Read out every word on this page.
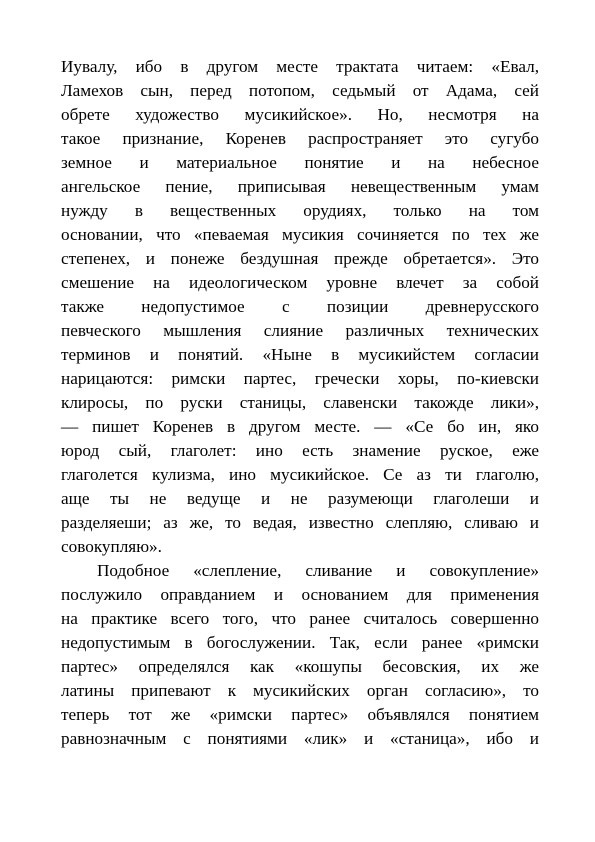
Иувалу, ибо в другом месте трактата читаем: «Евал,
Ламехов сын, перед потопом, седьмый от Адама, сей
обрете художество мусикийское». Но, несмотря на
такое признание, Коренев распространяет это сугубо
земное и материальное понятие и на небесное
ангельское пение, приписывая невещественным умам
нужду в вещественных орудиях, только на том
основании, что «певаемая мусикия сочиняется по тех же
степенех, и понеже бездушная прежде обретается». Это
смешение на идеологическом уровне влечет за собой
также недопустимое с позиции древнерусского
певческого мышления слияние различных технических
терминов и понятий. «Ныне в мусикийстем согласии
нарицаются: римски партес, гречески хоры, по-киевски
клиросы, по руски станицы, славенски такожде лики»,
— пишет Коренев в другом месте. — «Се бо ин, яко
юрод сый, глаголет: ино есть знамение руское, еже
глаголется кулизма, ино мусикийское. Се аз ти глаголю,
аще ты не ведуще и не разумеющи глаголеши и
разделяеши; аз же, то ведая, известно слепляю, сливаю и
совокупляю».
Подобное «слепление, сливание и совокупление»
послужило оправданием и основанием для применения
на практике всего того, что ранее считалось совершенно
недопустимым в богослужении. Так, если ранее «римски
партес» определялся как «кошупы бесовския, их же
латины припевают к мусикийских орган согласию», то
теперь тот же «римски партес» объявлялся понятием
равнозначным с понятиями «лик» и «станица», ибо и
